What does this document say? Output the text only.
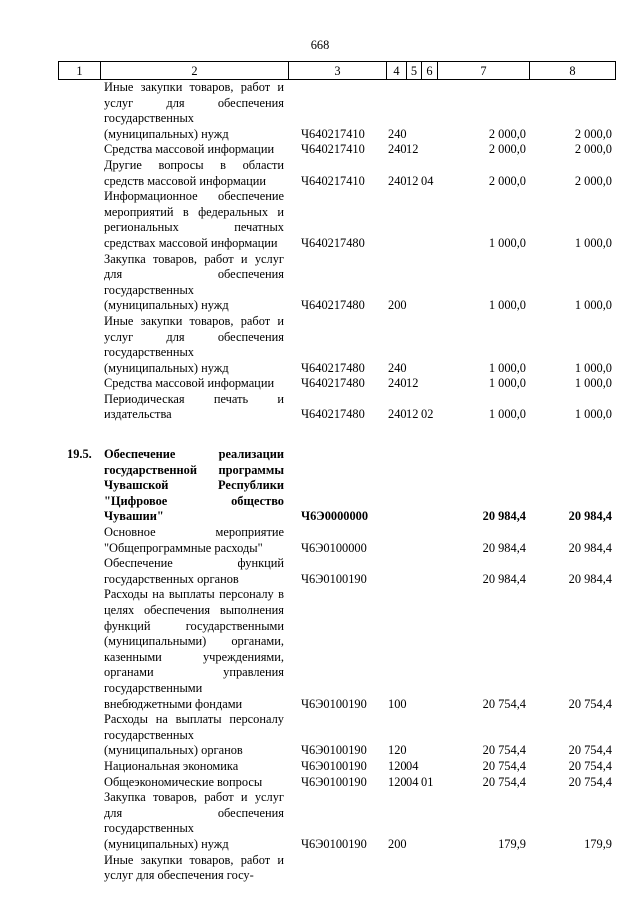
668
1	2	3	4	5	6	7	8
	Иные закупки товаров, работ и услуг для обеспечения государственных (муниципальных) нужд	Ч640217410	240			2 000,0	2 000,0
	Средства массовой информации	Ч640217410	240	12		2 000,0	2 000,0
	Другие вопросы в области средств массовой информации	Ч640217410	240	12	04	2 000,0	2 000,0
	Информационное обеспечение мероприятий в федеральных и региональных печатных средствах массовой информации	Ч640217480				1 000,0	1 000,0
	Закупка товаров, работ и услуг для обеспечения государственных (муниципальных) нужд	Ч640217480	200			1 000,0	1 000,0
	Иные закупки товаров, работ и услуг для обеспечения государственных (муниципальных) нужд	Ч640217480	240			1 000,0	1 000,0
	Средства массовой информации	Ч640217480	240	12		1 000,0	1 000,0
	Периодическая печать и издательства	Ч640217480	240	12	02	1 000,0	1 000,0

19.5.	Обеспечение реализации государственной программы Чувашской Республики "Цифровое общество Чувашии"	Ч6Э0000000				20 984,4	20 984,4
	Основное мероприятие "Общепрограммные расходы"	Ч6Э0100000				20 984,4	20 984,4
	Обеспечение функций государственных органов	Ч6Э0100190				20 984,4	20 984,4
	Расходы на выплаты персоналу в целях обеспечения выполнения функций государственными (муниципальными) органами, казенными учреждениями, органами управления государственными внебюджетными фондами	Ч6Э0100190	100			20 754,4	20 754,4
	Расходы на выплаты персоналу государственных (муниципальных) органов	Ч6Э0100190	120			20 754,4	20 754,4
	Национальная экономика	Ч6Э0100190	120	04		20 754,4	20 754,4
	Общеэкономические вопросы	Ч6Э0100190	120	04	01	20 754,4	20 754,4
	Закупка товаров, работ и услуг для обеспечения государственных (муниципальных) нужд	Ч6Э0100190	200			179,9	179,9
	Иные закупки товаров, работ и услуг для обеспечения госу-						
